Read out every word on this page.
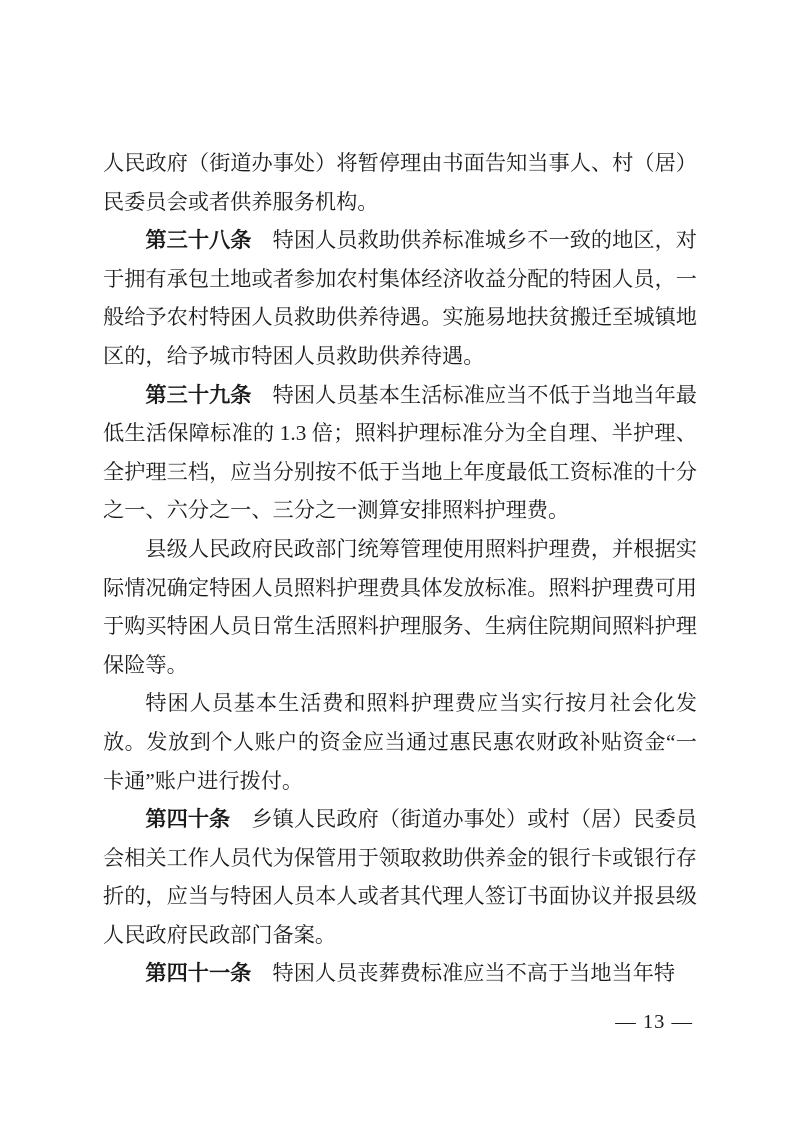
人民政府（街道办事处）将暂停理由书面告知当事人、村（居）民委员会或者供养服务机构。

第三十八条 特困人员救助供养标准城乡不一致的地区，对于拥有承包土地或者参加农村集体经济收益分配的特困人员，一般给予农村特困人员救助供养待遇。实施易地扶贫搬迁至城镇地区的，给予城市特困人员救助供养待遇。

第三十九条 特困人员基本生活标准应当不低于当地当年最低生活保障标准的 1.3 倍；照料护理标准分为全自理、半护理、全护理三档，应当分别按不低于当地上年度最低工资标准的十分之一、六分之一、三分之一测算安排照料护理费。

县级人民政府民政部门统筹管理使用照料护理费，并根据实际情况确定特困人员照料护理费具体发放标准。照料护理费可用于购买特困人员日常生活照料护理服务、生病住院期间照料护理保险等。

特困人员基本生活费和照料护理费应当实行按月社会化发放。发放到个人账户的资金应当通过惠民惠农财政补贴资金“一卡通”账户进行拨付。

第四十条 乡镇人民政府（街道办事处）或村（居）民委员会相关工作人员代为保管用于领取救助供养金的银行卡或银行存折的，应当与特困人员本人或者其代理人签订书面协议并报县级人民政府民政部门备案。

第四十一条 特困人员丧葬费标准应当不高于当地当年特

— 13 —
